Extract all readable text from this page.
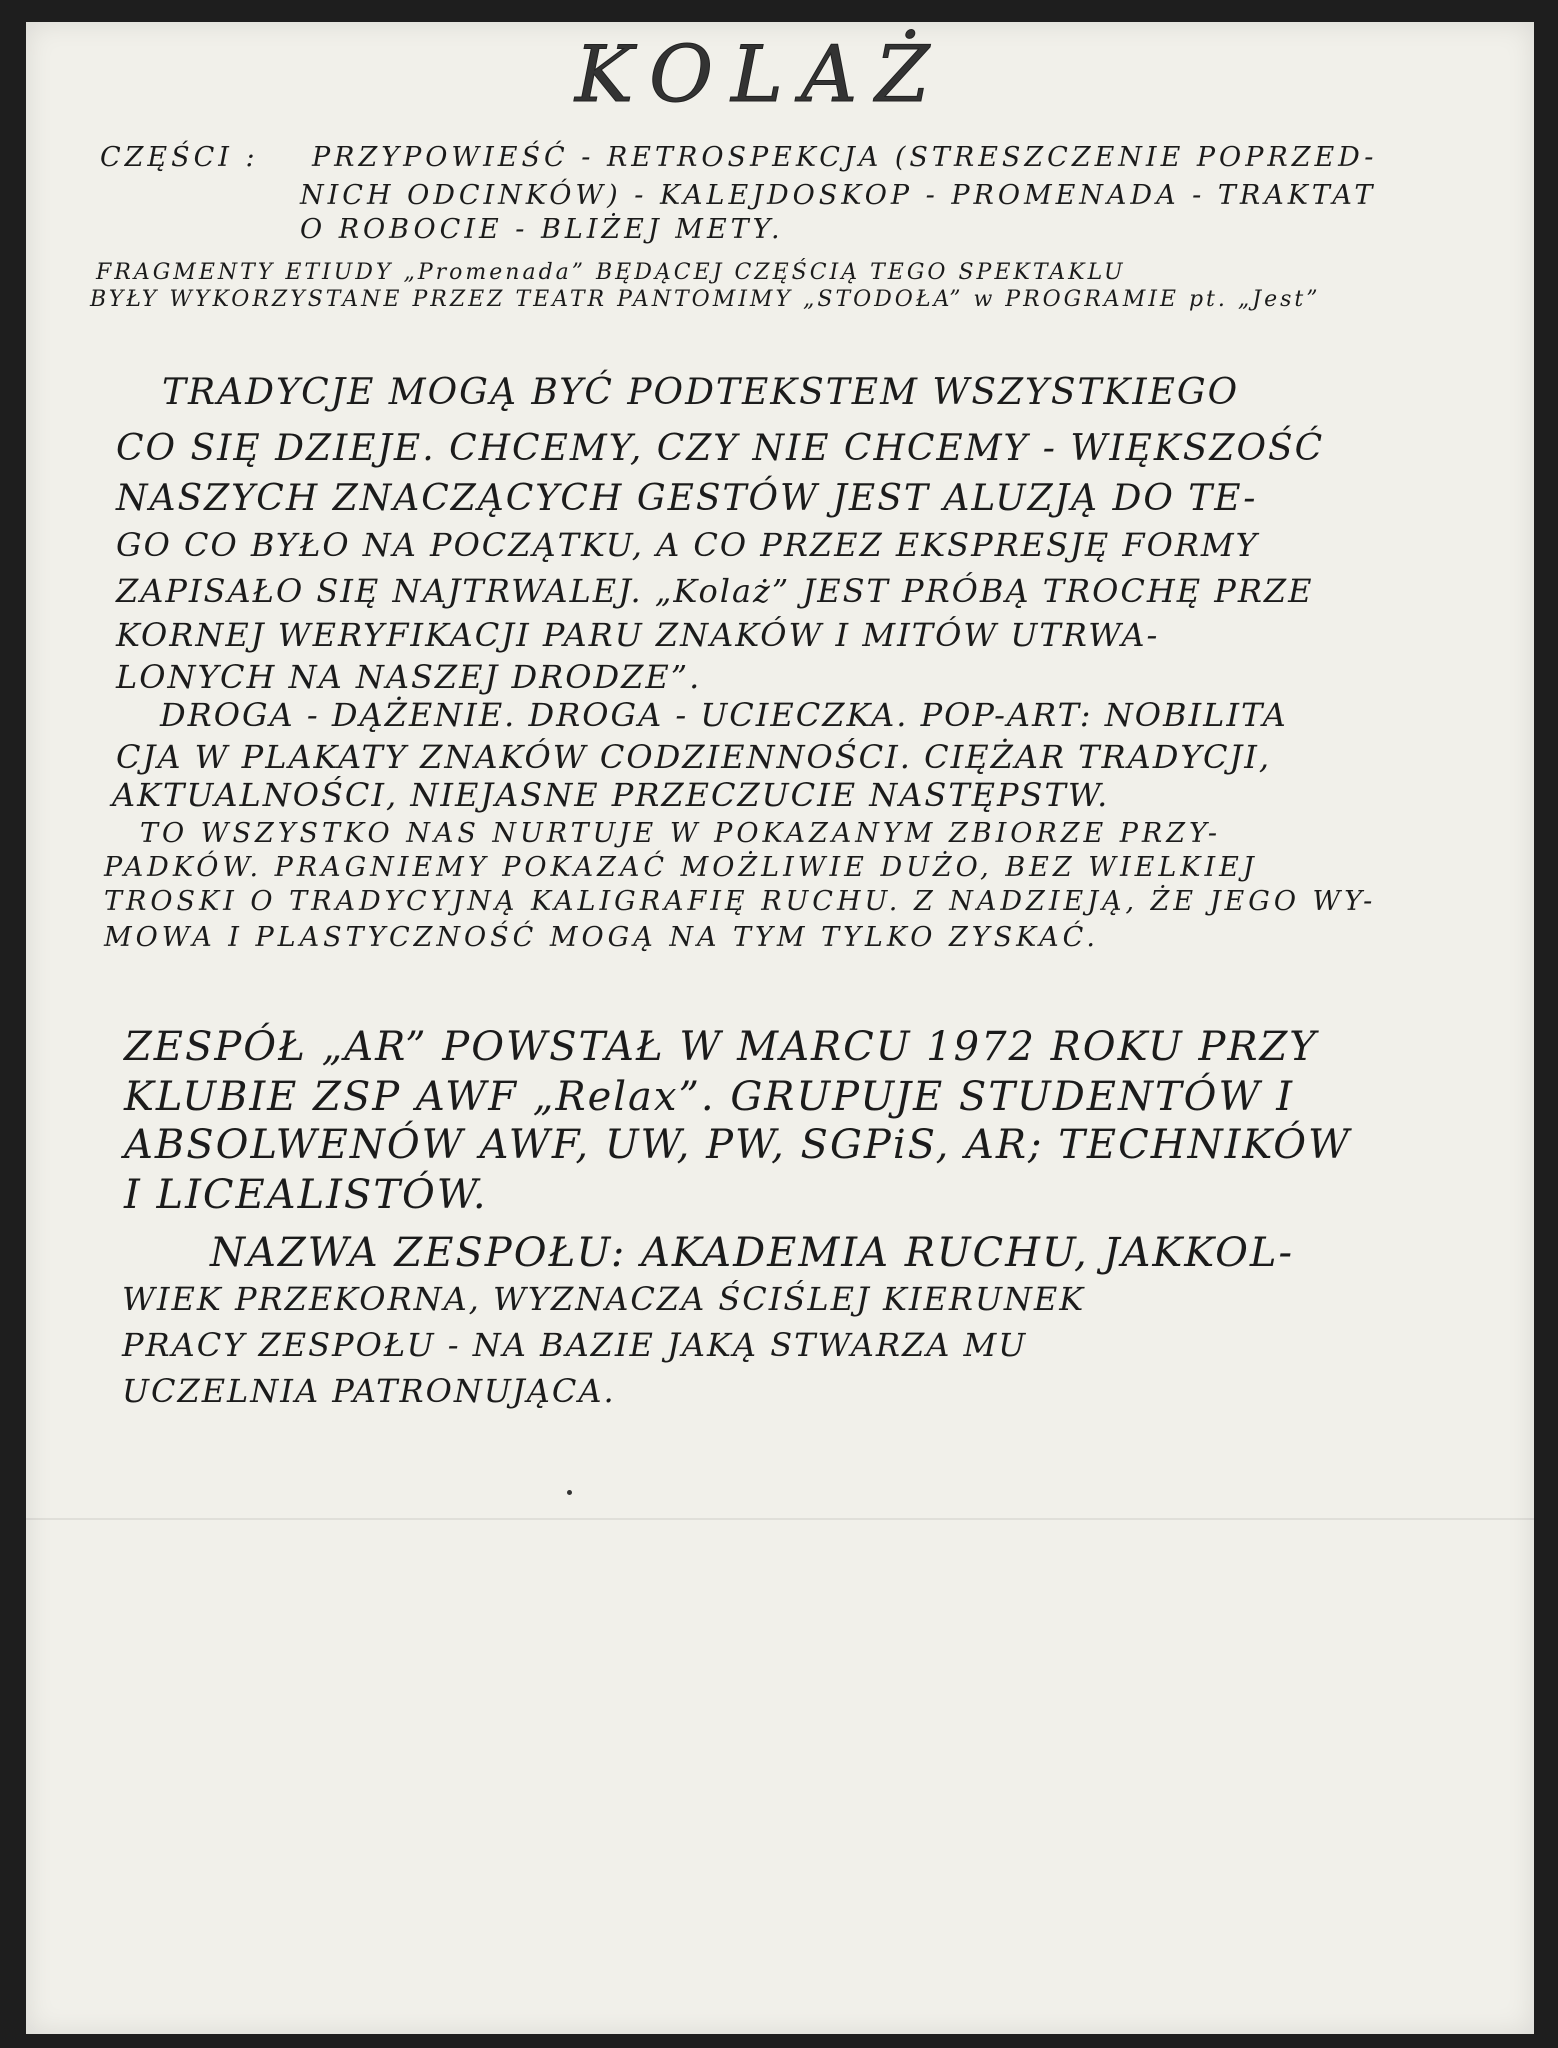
KOLAŻ
CZĘŚCI : PRZYPOWIEŚĆ - RETROSPEKCJA (STRESZCZENIE POPRZED-
NICH ODCINKÓW) - KALEJDOSKOP - PROMENADA - TRAKTAT
O ROBOCIE - BLIŻEJ METY.
FRAGMENTY ETIUDY „Promenada” BĘDĄCEJ CZĘŚCIĄ TEGO SPEKTAKLU
BYŁY WYKORZYSTANE PRZEZ TEATR PANTOMIMY „STODOŁA” w PROGRAMIE pt. „Jest”
TRADYCJE MOGĄ BYĆ PODTEKSTEM WSZYSTKIEGO
CO SIĘ DZIEJE. CHCEMY, CZY NIE CHCEMY - WIĘKSZOŚĆ
NASZYCH ZNACZĄCYCH GESTÓW JEST ALUZJĄ DO TE-
GO CO BYŁO NA POCZĄTKU, A CO PRZEZ EKSPRESJĘ FORMY
ZAPISAŁO SIĘ NAJTRWALEJ. „Kolaż” JEST PRÓBĄ TROCHĘ PRZE
KORNEJ WERYFIKACJI PARU ZNAKÓW I MITÓW UTRWA-
LONYCH NA NASZEJ DRODZE”.
DROGA - DĄŻENIE. DROGA - UCIECZKA. POP-ART: NOBILITA
CJA W PLAKATY ZNAKÓW CODZIENNOŚCI. CIĘŻAR TRADYCJI,
AKTUALNOŚCI, NIEJASNE PRZECZUCIE NASTĘPSTW.
TO WSZYSTKO NAS NURTUJE W POKAZANYM ZBIORZE PRZY-
PADKÓW. PRAGNIEMY POKAZAĆ MOŻLIWIE DUŻO, BEZ WIELKIEJ
TROSKI O TRADYCYJNĄ KALIGRAFIĘ RUCHU. Z NADZIEJĄ, ŻE JEGO WY-
MOWA I PLASTYCZNOŚĆ MOGĄ NA TYM TYLKO ZYSKAĆ.
ZESPÓŁ „AR” POWSTAŁ W MARCU 1972 ROKU PRZY
KLUBIE ZSP AWF „Relax”. GRUPUJE STUDENTÓW I
ABSOLWENÓW AWF, UW, PW, SGPiS, AR; TECHNIKÓW
I LICEALISTÓW.
NAZWA ZESPOŁU: AKADEMIA RUCHU, JAKKOL-
WIEK PRZEKORNA, WYZNACZA ŚCIŚLEJ KIERUNEK
PRACY ZESPOŁU - NA BAZIE JAKĄ STWARZA MU
UCZELNIA PATRONUJĄCA.
